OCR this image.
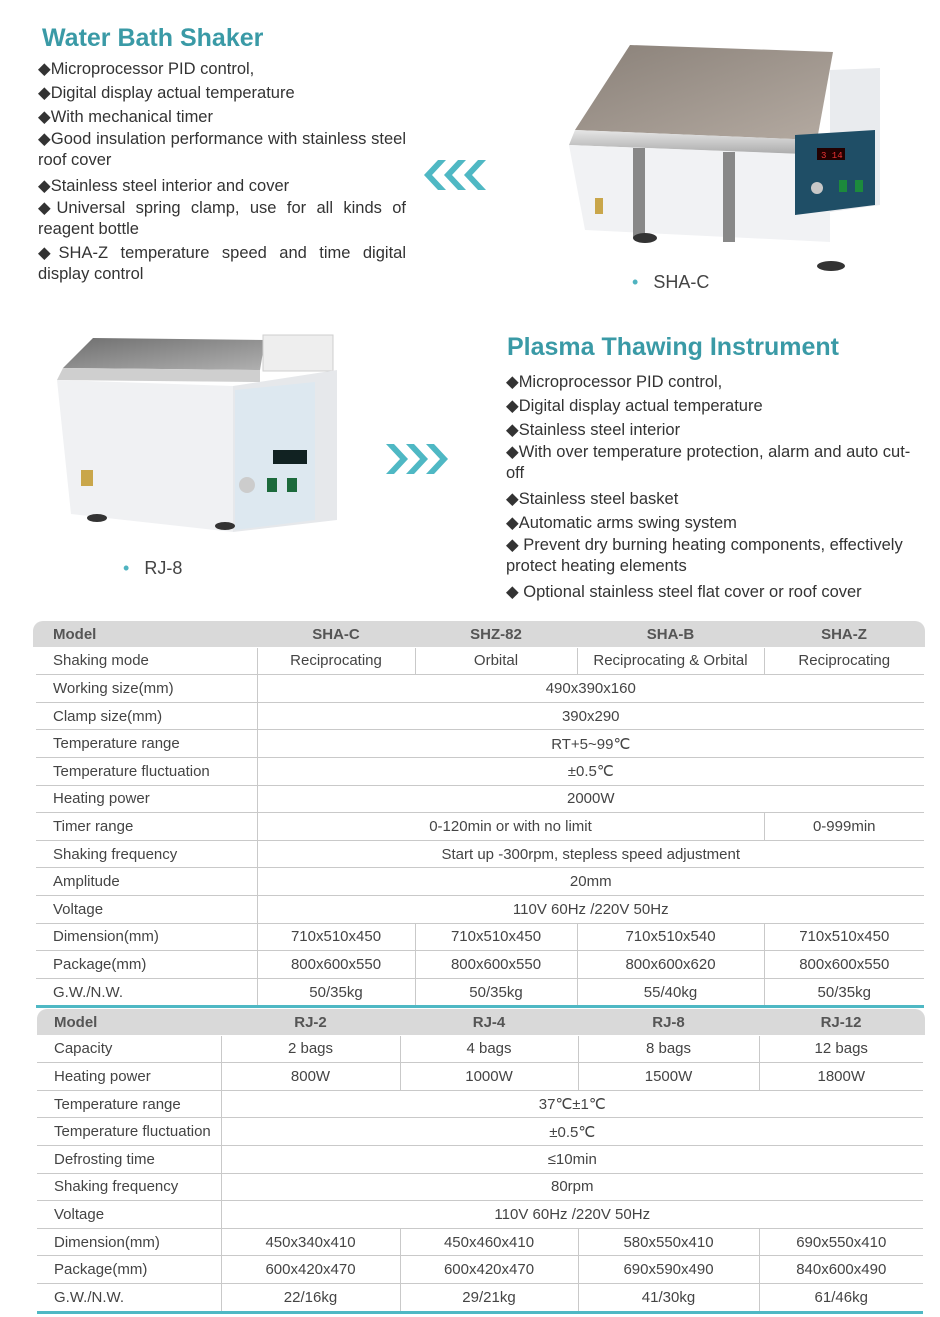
Water Bath Shaker
◆Microprocessor PID control,
◆Digital display actual temperature
◆With mechanical timer
◆Good insulation performance with stainless steel roof cover
◆Stainless steel interior and cover
◆Universal spring clamp, use for all kinds of reagent bottle
◆SHA-Z temperature speed and time digital display control
3 14
• SHA-C
• RJ-8
Plasma Thawing Instrument
◆Microprocessor PID control,
◆Digital display actual temperature
◆Stainless steel interior
◆With over temperature protection, alarm and auto cut-off
◆Stainless steel basket
◆Automatic arms swing system
◆ Prevent dry burning heating components, effectively protect heating elements
◆ Optional stainless steel flat cover or roof cover
Model	SHA-C	SHZ-82	SHA-B	SHA-Z
Shaking mode	Reciprocating	Orbital	Reciprocating & Orbital	Reciprocating
Working size(mm)	490x390x160			
Clamp size(mm)	390x290			
Temperature range	RT+5~99℃			
Temperature fluctuation	±0.5℃			
Heating power	2000W			
Timer range	0-120min or with no limit			0-999min
Shaking frequency	Start up -300rpm, stepless speed adjustment			
Amplitude	20mm			
Voltage	110V 60Hz /220V 50Hz			
Dimension(mm)	710x510x450	710x510x450	710x510x540	710x510x450
Package(mm)	800x600x550	800x600x550	800x600x620	800x600x550
G.W./N.W.	50/35kg	50/35kg	55/40kg	50/35kg
Model	RJ-2	RJ-4	RJ-8	RJ-12
Capacity	2 bags	4 bags	8 bags	12 bags
Heating power	800W	1000W	1500W	1800W
Temperature range	37℃±1℃			
Temperature fluctuation	±0.5℃			
Defrosting time	≤10min			
Shaking frequency	80rpm			
Voltage	110V 60Hz /220V 50Hz			
Dimension(mm)	450x340x410	450x460x410	580x550x410	690x550x410
Package(mm)	600x420x470	600x420x470	690x590x490	840x600x490
G.W./N.W.	22/16kg	29/21kg	41/30kg	61/46kg
